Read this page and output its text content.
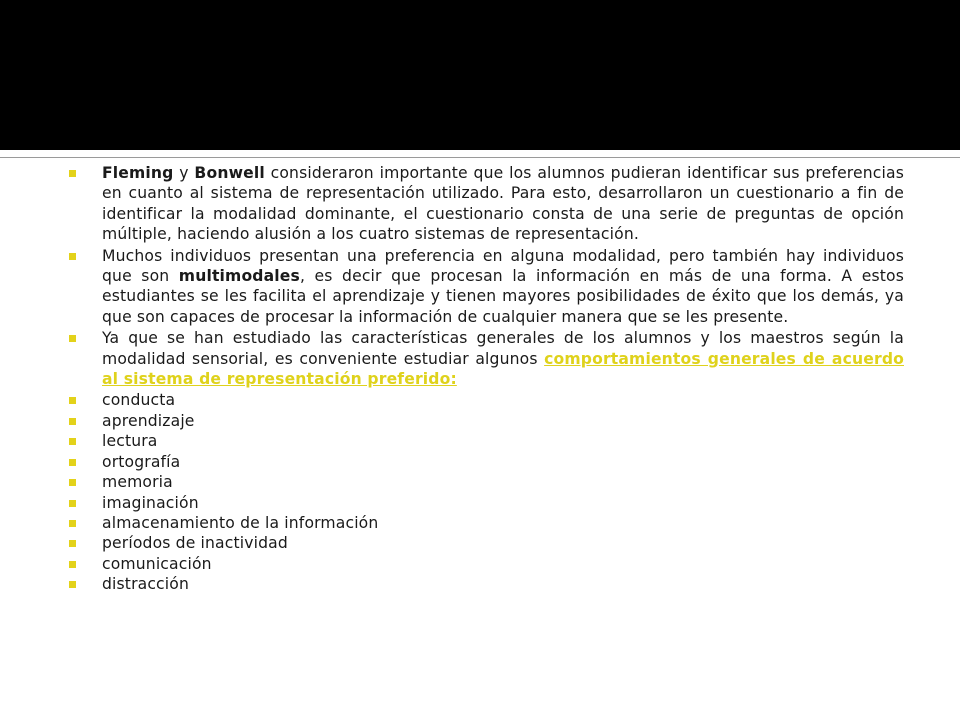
Fleming y Bonwell consideraron importante que los alumnos pudieran identificar sus preferencias en cuanto al sistema de representación utilizado. Para esto, desarrollaron un cuestionario a fin de identificar la modalidad dominante, el cuestionario consta de una serie de preguntas de opción múltiple, haciendo alusión a los cuatro sistemas de representación.
Muchos individuos presentan una preferencia en alguna modalidad, pero también hay individuos que son multimodales, es decir que procesan la información en más de una forma. A estos estudiantes se les facilita el aprendizaje y tienen mayores posibilidades de éxito que los demás, ya que son capaces de procesar la información de cualquier manera que se les presente.
Ya que se han estudiado las características generales de los alumnos y los maestros según la modalidad sensorial, es conveniente estudiar algunos comportamientos generales de acuerdo al sistema de representación preferido:
conducta
aprendizaje
lectura
ortografía
memoria
imaginación
almacenamiento de la información
períodos de inactividad
comunicación
distracción
